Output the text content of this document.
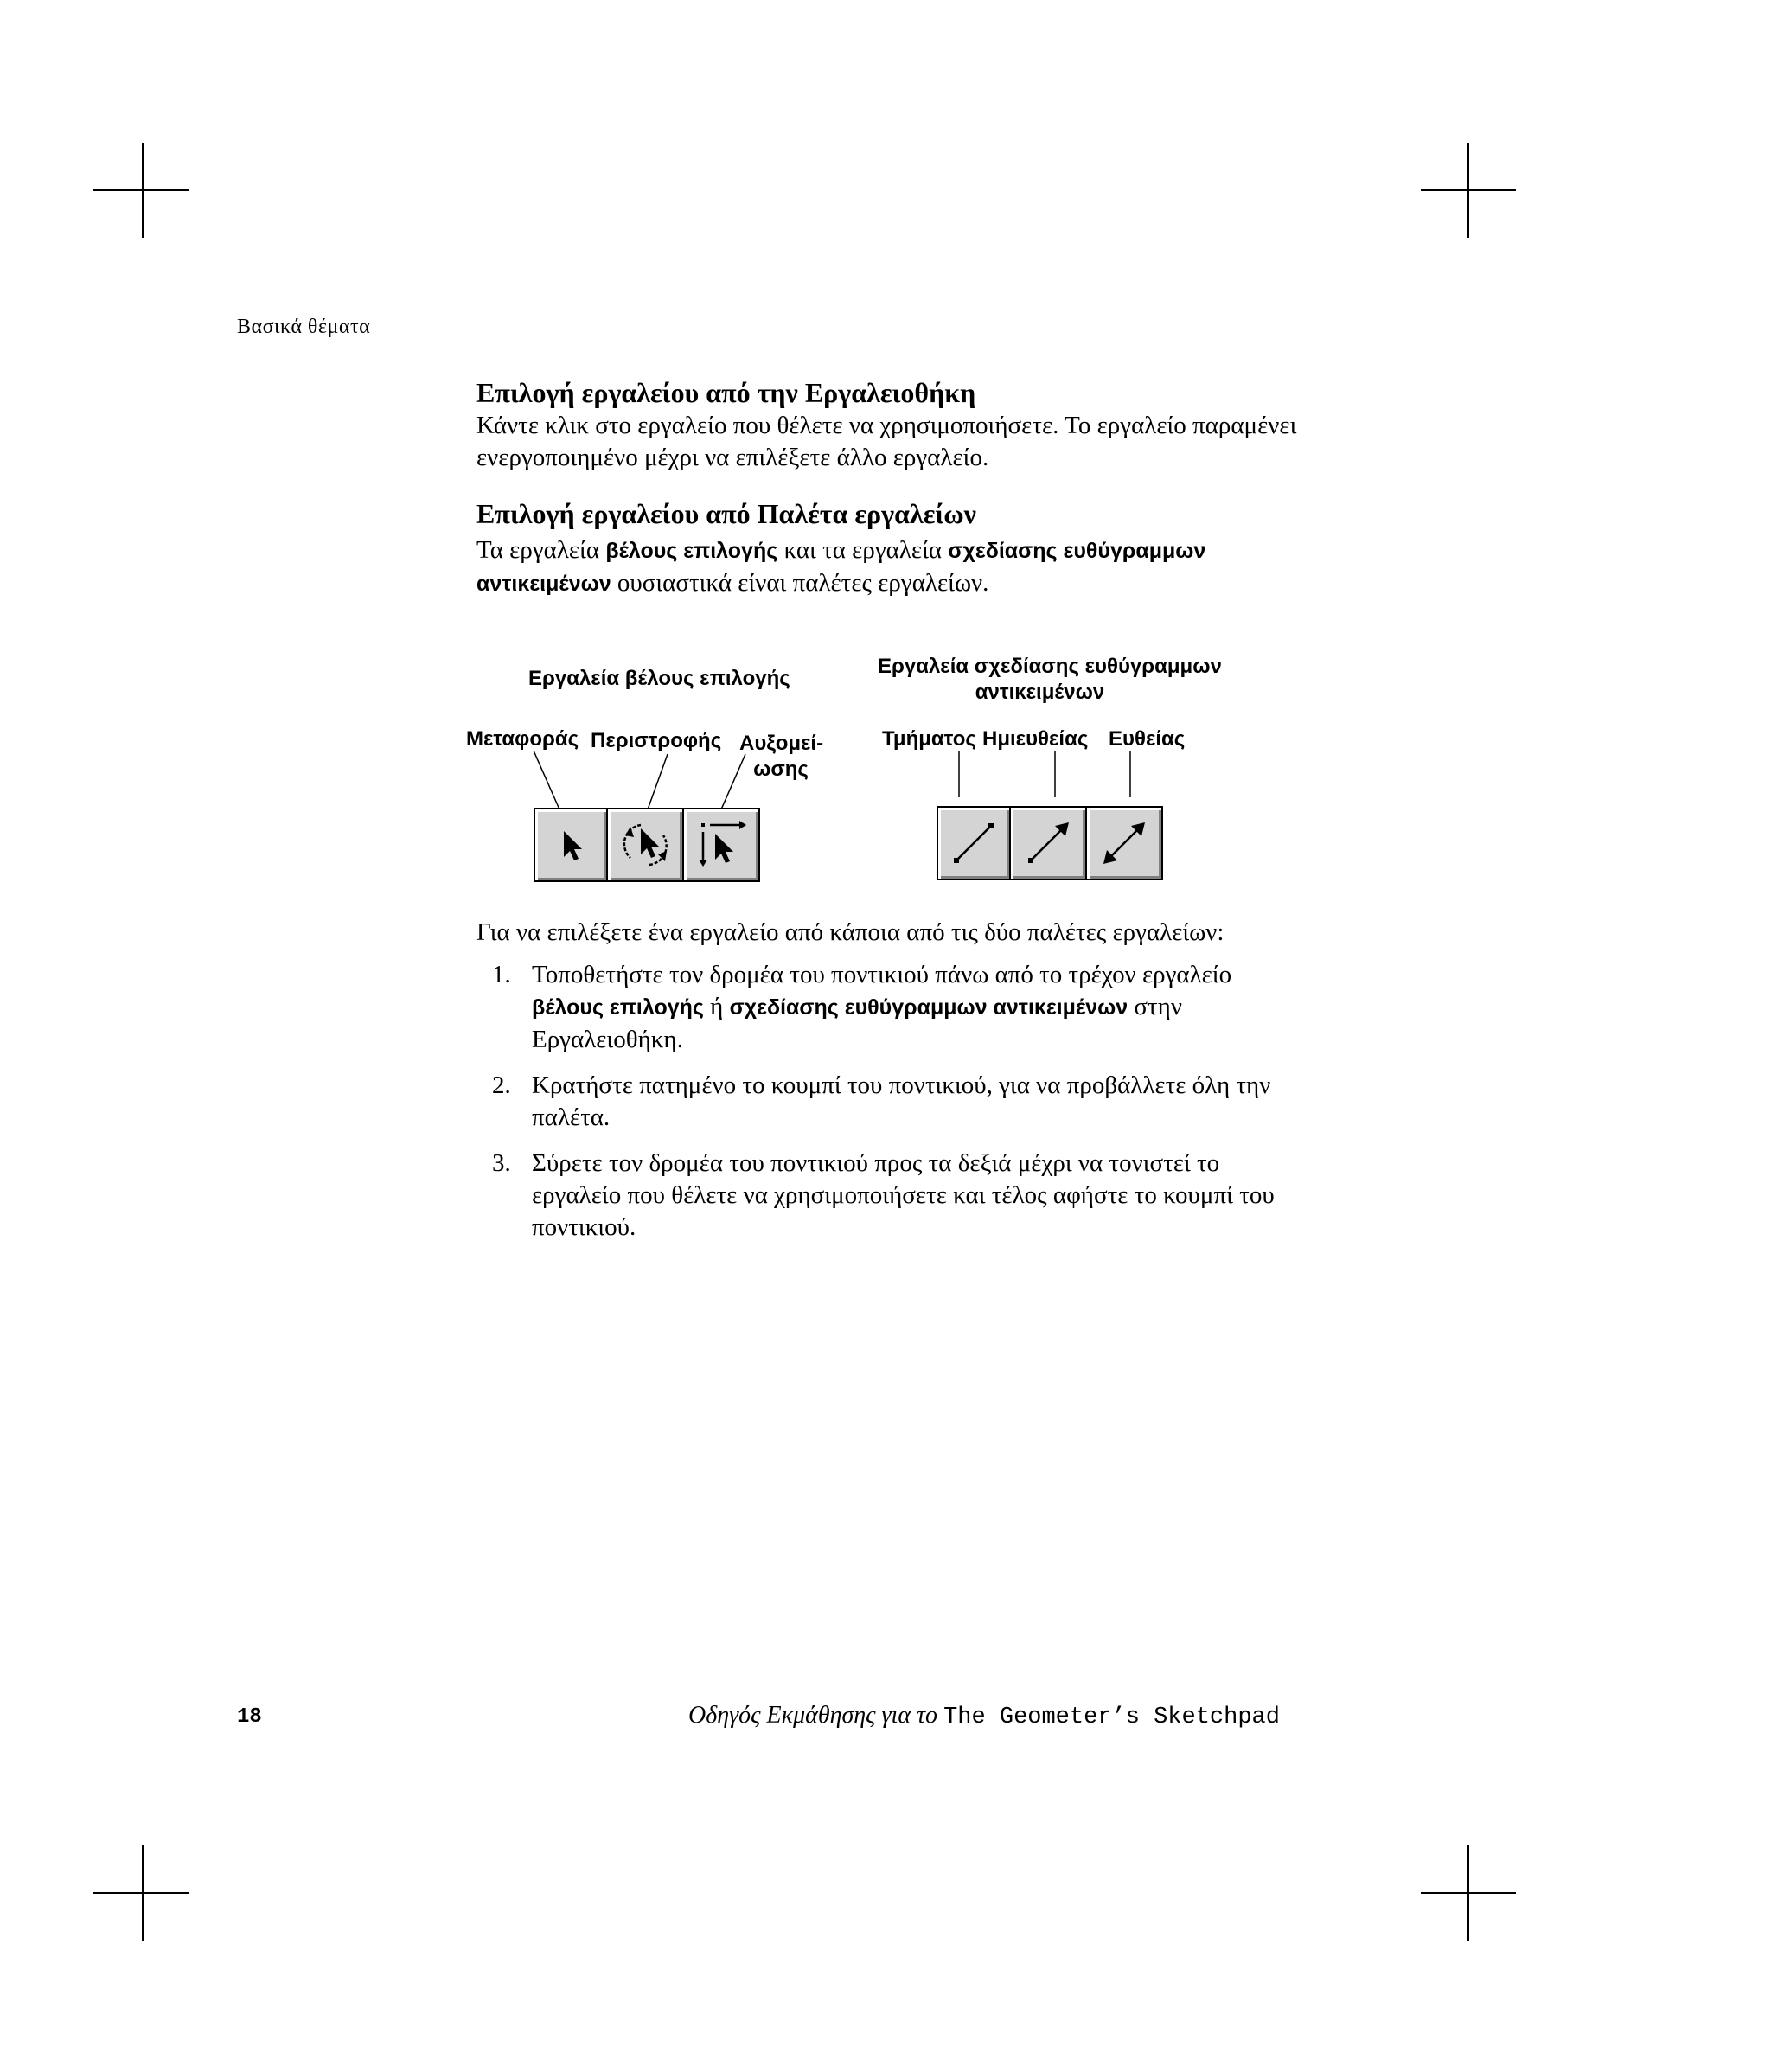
Βασικά θέματα
Επιλογή εργαλείου από την Εργαλειοθήκη

Κάντε κλικ στο εργαλείο που θέλετε να χρησιμοποιήσετε. Το εργαλείο παραμένει ενεργοποιημένο μέχρι να επιλέξετε άλλο εργαλείο.

Επιλογή εργαλείου από Παλέτα εργαλείων

Τα εργαλεία βέλους επιλογής και τα εργαλεία σχεδίασης ευθύγραμμων αντικειμένων ουσιαστικά είναι παλέτες εργαλείων.

Εργαλεία βέλους επιλογής
Εργαλεία σχεδίασης ευθύγραμμων
αντικειμένων
Μεταφοράς Περιστροφής Αυξομεί-
ωσης
Τμήματος Ημιευθείας Ευθείας

Για να επιλέξετε ένα εργαλείο από κάποια από τις δύο παλέτες εργαλείων:

1. Τοποθετήστε τον δρομέα του ποντικιού πάνω από το τρέχον εργαλείο βέλους επιλογής ή σχεδίασης ευθύγραμμων αντικειμένων στην Εργαλειοθήκη.
2. Κρατήστε πατημένο το κουμπί του ποντικιού, για να προβάλλετε όλη την παλέτα.
3. Σύρετε τον δρομέα του ποντικιού προς τα δεξιά μέχρι να τονιστεί το εργαλείο που θέλετε να χρησιμοποιήσετε και τέλος αφήστε το κουμπί του ποντικιού.
18	Οδηγός Εκμάθησης για το The Geometer’s Sketchpad
